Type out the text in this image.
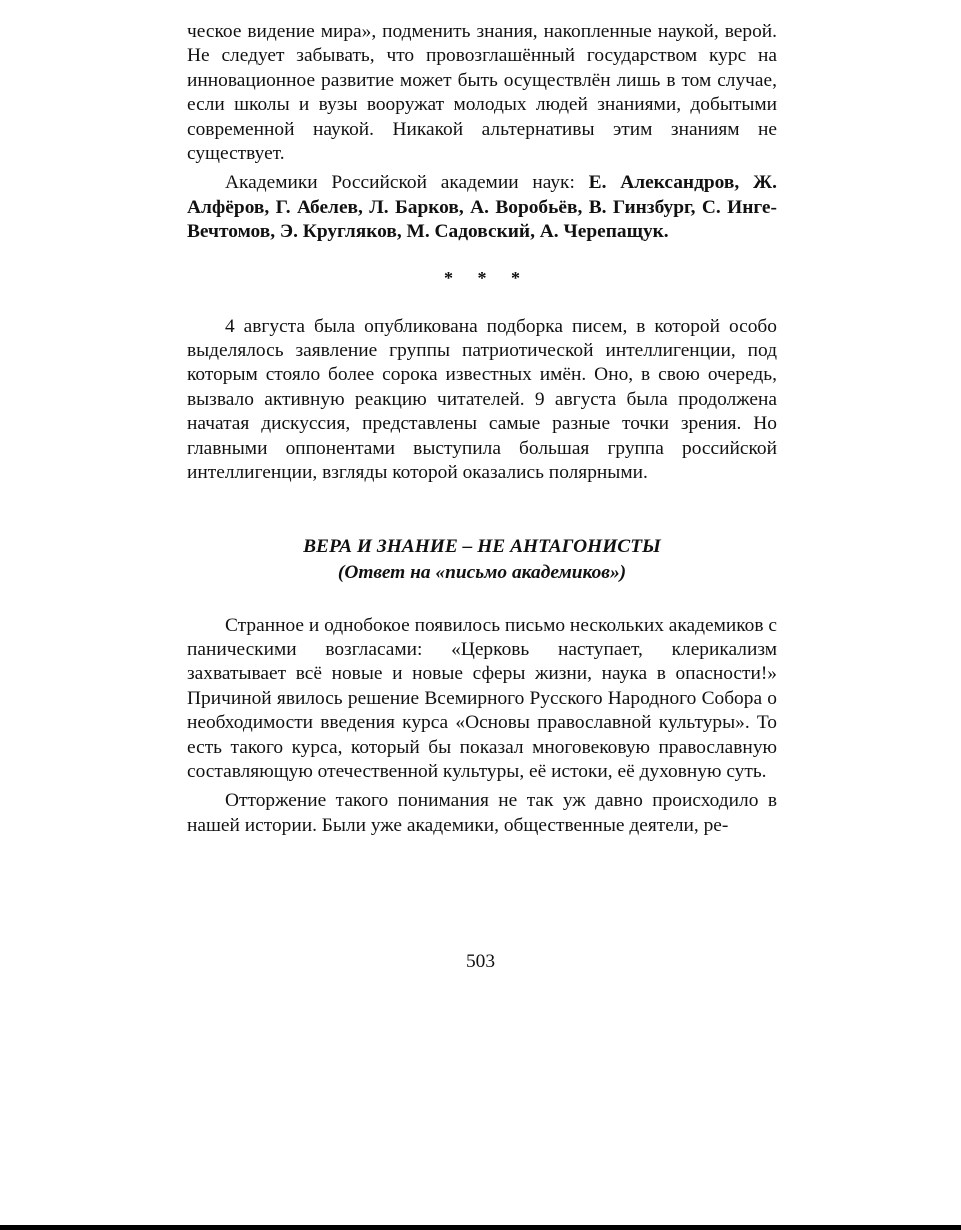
ческое видение мира», подменить знания, накопленные наукой, верой. Не следует забывать, что провозглашённый государством курс на инновационное развитие может быть осуществлён лишь в том случае, если школы и вузы вооружат молодых людей знаниями, добытыми современной наукой. Никакой альтернативы этим знаниям не существует.

Академики Российской академии наук: Е. Александров, Ж. Алфёров, Г. Абелев, Л. Барков, А. Воробьёв, В. Гинзбург, С. Инге-Вечтомов, Э. Кругляков, М. Садовский, А. Черепащук.

* * *

4 августа была опубликована подборка писем, в которой особо выделялось заявление группы патриотической интеллигенции, под которым стояло более сорока известных имён. Оно, в свою очередь, вызвало активную реакцию читателей. 9 августа была продолжена начатая дискуссия, представлены самые разные точки зрения. Но главными оппонентами выступила большая группа российской интеллигенции, взгляды которой оказались полярными.

ВЕРА И ЗНАНИЕ – НЕ АНТАГОНИСТЫ
(Ответ на «письмо академиков»)

Странное и однобокое появилось письмо нескольких академиков с паническими возгласами: «Церковь наступает, клерикализм захватывает всё новые и новые сферы жизни, наука в опасности!» Причиной явилось решение Всемирного Русского Народного Собора о необходимости введения курса «Основы православной культуры». То есть такого курса, который бы показал многовековую православную составляющую отечественной культуры, её истоки, её духовную суть.

Отторжение такого понимания не так уж давно происходило в нашей истории. Были уже академики, общественные деятели, ре-

503
